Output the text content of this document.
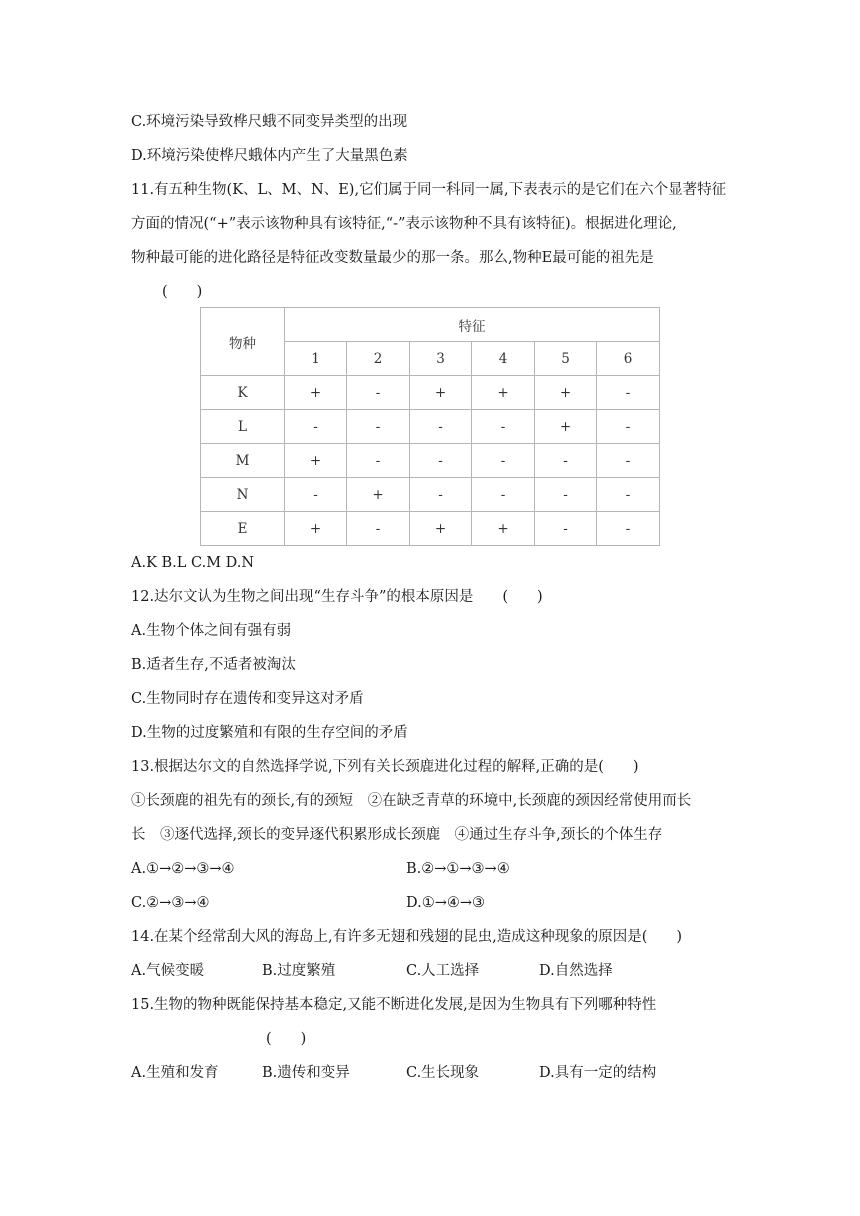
C.环境污染导致桦尺蛾不同变异类型的出现
D.环境污染使桦尺蛾体内产生了大量黑色素
11.有五种生物(K、L、M、N、E),它们属于同一科同一属,下表表示的是它们在六个显著特征
方面的情况(“+”表示该物种具有该特征,“-”表示该物种不具有该特征)。根据进化理论,
物种最可能的进化路径是特征改变数量最少的那一条。那么,物种E最可能的祖先是
(　　)
物种	特征					
	1	2	3	4	5	6
K	+	-	+	+	+	-
L	-	-	-	-	+	-
M	+	-	-	-	-	-
N	-	+	-	-	-	-
E	+	-	+	+	-	-
A.K B.L C.M D.N
12.达尔文认为生物之间出现“生存斗争”的根本原因是　　(　　)
A.生物个体之间有强有弱
B.适者生存,不适者被淘汰
C.生物同时存在遗传和变异这对矛盾
D.生物的过度繁殖和有限的生存空间的矛盾
13.根据达尔文的自然选择学说,下列有关长颈鹿进化过程的解释,正确的是(　　)
①长颈鹿的祖先有的颈长,有的颈短　②在缺乏青草的环境中,长颈鹿的颈因经常使用而长
长　③逐代选择,颈长的变异逐代积累形成长颈鹿　④通过生存斗争,颈长的个体生存
A.①→②→③→④	B.②→①→③→④
C.②→③→④	D.①→④→③
14.在某个经常刮大风的海岛上,有许多无翅和残翅的昆虫,造成这种现象的原因是(　　)
A.气候变暖	B.过度繁殖	C.人工选择	D.自然选择
15.生物的物种既能保持基本稳定,又能不断进化发展,是因为生物具有下列哪种特性
(　　)
A.生殖和发育	B.遗传和变异	C.生长现象	D.具有一定的结构
